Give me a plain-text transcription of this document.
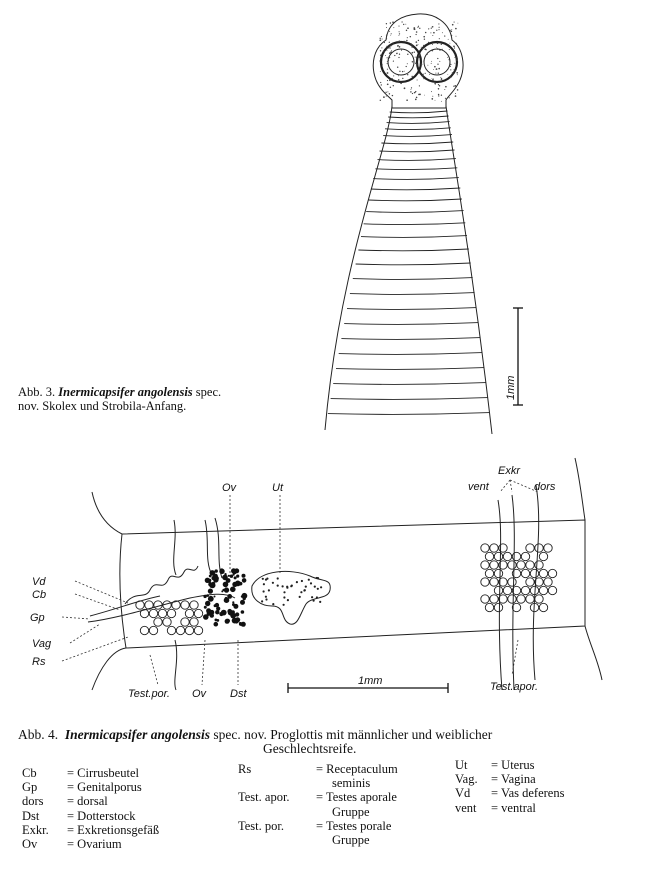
1mm
Abb. 3. Inermicapsifer angolensis spec.
nov. Skolex und Strobila-Anfang.
1mm
Vd
Cb
Gp
Vag
Rs
Ov	Ut
Test.por. Ov Dst
Exkr
vent	dors
Test.apor.
Abb. 4. Inermicapsifer angolensis spec. nov. Proglottis mit männlicher und weiblicher
Geschlechtsreife.
Cb	= Cirrusbeutel
Gp	= Genitalporus
dors	= dorsal
Dst	= Dotterstock
Exkr.	= Exkretionsgefäß
Ov	= Ovarium
Rs	= Receptaculum
seminis
Test. apor.	= Testes aporale
Gruppe
Test. por.	= Testes porale
Gruppe
Ut	= Uterus
Vag.	= Vagina
Vd	= Vas deferens
vent	= ventral
